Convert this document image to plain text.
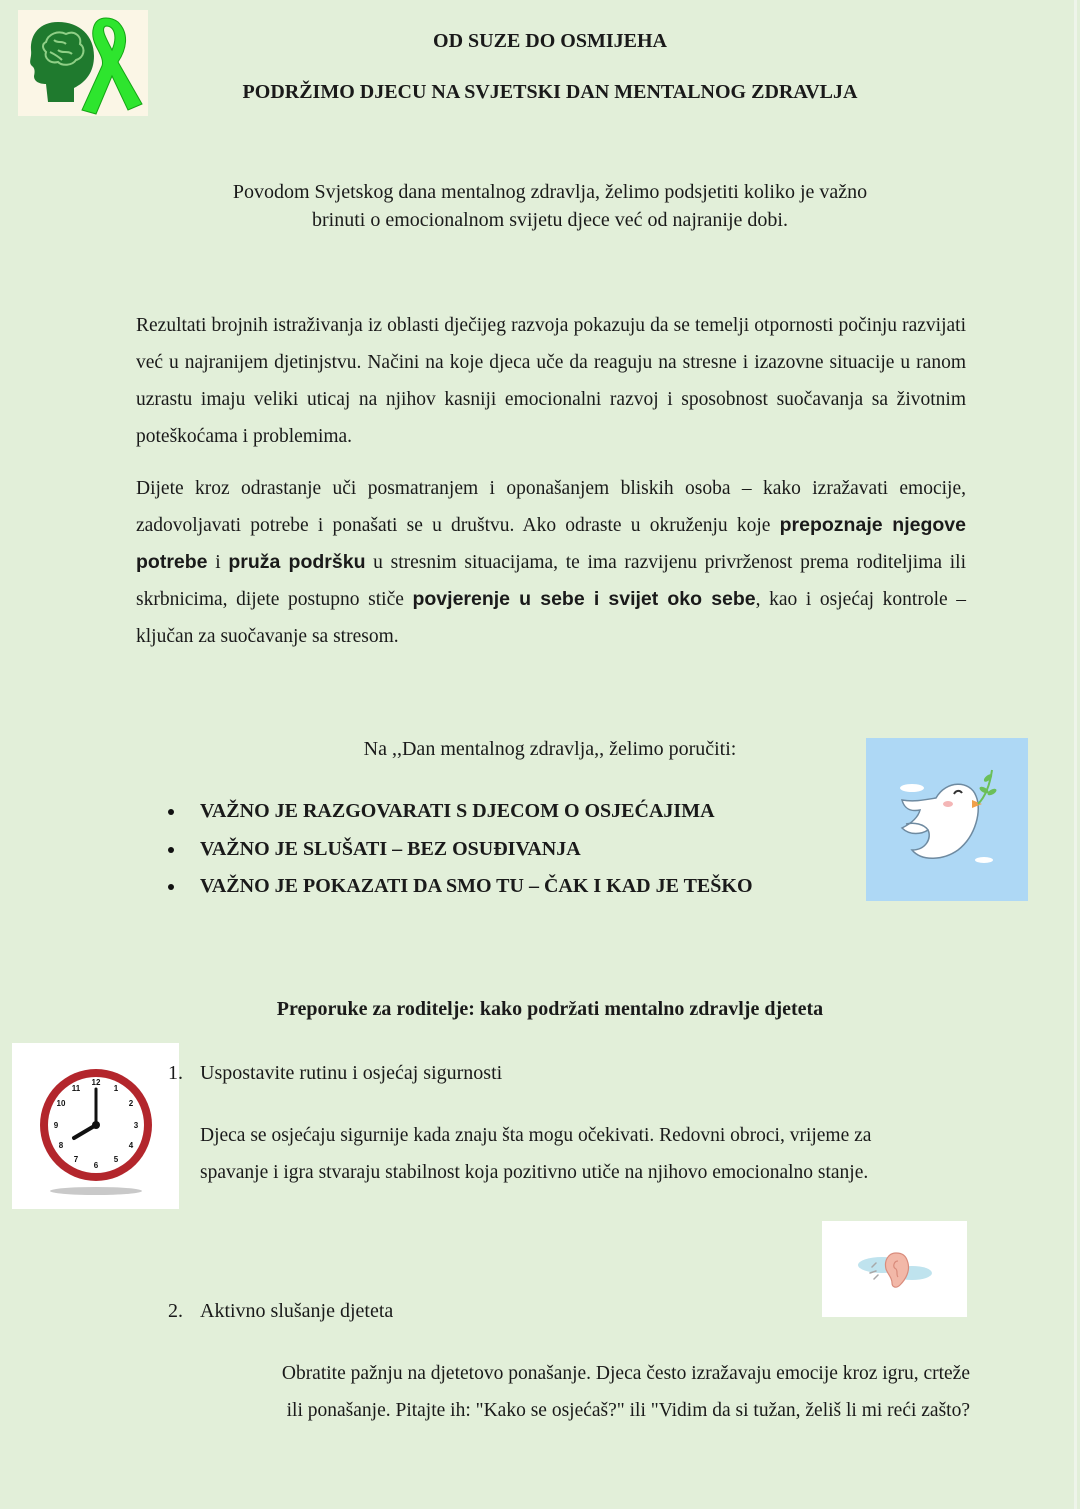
OD SUZE DO OSMIJEHA
PODRŽIMO DJECU NA SVJETSKI DAN MENTALNOG ZDRAVLJA
Povodom Svjetskog dana mentalnog zdravlja, želimo podsjetiti koliko je važno
brinuti o emocionalnom svijetu djece već od najranije dobi.
Rezultati brojnih istraživanja iz oblasti dječijeg razvoja pokazuju da se temelji otpornosti počinju razvijati već u najranijem djetinjstvu. Načini na koje djeca uče da reaguju na stresne i izazovne situacije u ranom uzrastu imaju veliki uticaj na njihov kasniji emocionalni razvoj i sposobnost suočavanja sa životnim poteškoćama i problemima.
Dijete kroz odrastanje uči posmatranjem i oponašanjem bliskih osoba – kako izražavati emocije, zadovoljavati potrebe i ponašati se u društvu. Ako odraste u okruženju koje prepoznaje njegove potrebe i pruža podršku u stresnim situacijama, te ima razvijenu privrženost prema roditeljima ili skrbnicima, dijete postupno stiče povjerenje u sebe i svijet oko sebe, kao i osjećaj kontrole – ključan za suočavanje sa stresom.
Na ,,Dan mentalnog zdravlja,, želimo poručiti:
VAŽNO JE RAZGOVARATI S DJECOM O OSJEĆAJIMA
VAŽNO JE SLUŠATI – BEZ OSUĐIVANJA
VAŽNO JE POKAZATI DA SMO TU – ČAK I KAD JE TEŠKO
Preporuke za roditelje: kako podržati mentalno zdravlje djeteta
12
1
2
3
4
5
6
7
8
9
10
11
1. Uspostavite rutinu i osjećaj sigurnosti
Djeca se osjećaju sigurnije kada znaju šta mogu očekivati. Redovni obroci, vrijeme za
spavanje i igra stvaraju stabilnost koja pozitivno utiče na njihovo emocionalno stanje.
2. Aktivno slušanje djeteta
Obratite pažnju na djetetovo ponašanje. Djeca često izražavaju emocije kroz igru, crteže
ili ponašanje. Pitajte ih: "Kako se osjećaš?" ili "Vidim da si tužan, želiš li mi reći zašto?
